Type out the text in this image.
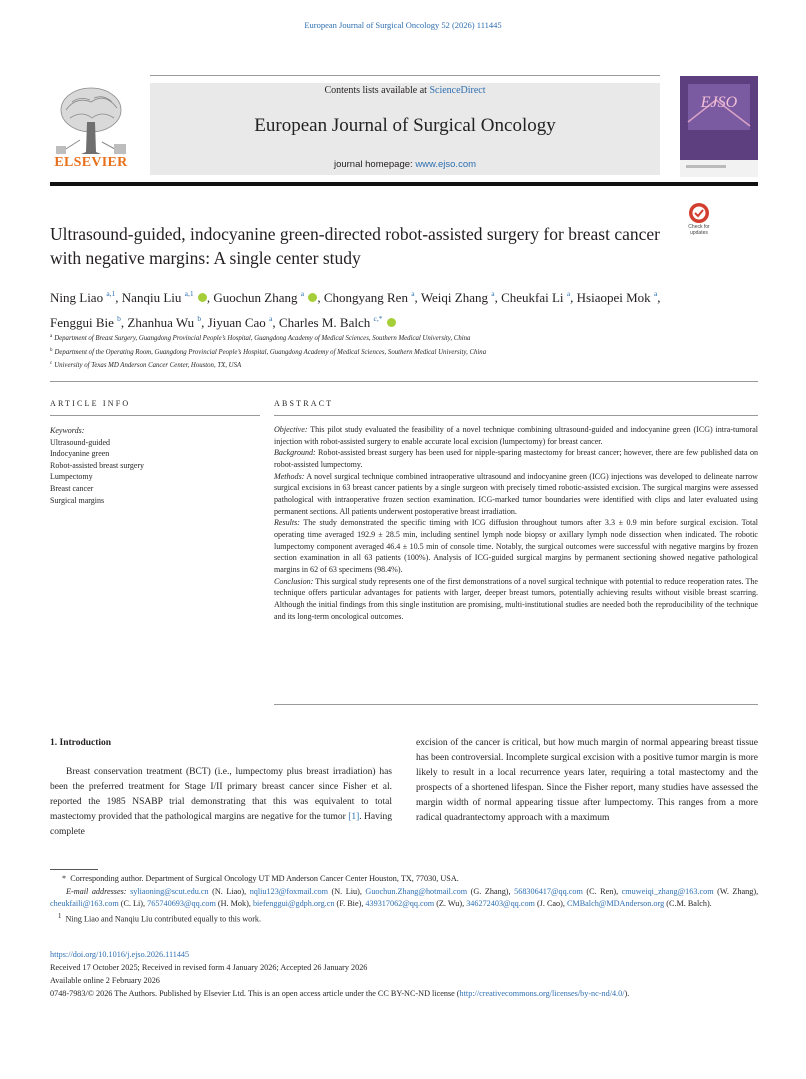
European Journal of Surgical Oncology 52 (2026) 111445
Contents lists available at ScienceDirect
European Journal of Surgical Oncology
journal homepage: www.ejso.com
ELSEVIER
EJSO
Check for updates
Ultrasound-guided, indocyanine green-directed robot-assisted surgery for breast cancer with negative margins: A single center study
Ning Liao $^{a,1}$, Nanqiu Liu $^{a,1}$ , Guochun Zhang $^a$ , Chongyang Ren $^a$, Weiqi Zhang $^a$, Cheukfai Li $^a$, Hsiaopei Mok $^a$, Fenggui Bie $^b$, Zhanhua Wu $^b$, Jiyuan Cao $^a$, Charles M. Balch $^{c,*}$
$^a$ Department of Breast Surgery, Guangdong Provincial People’s Hospital, Guangdong Academy of Medical Sciences, Southern Medical University, China
$^b$ Department of the Operating Room, Guangdong Provincial People’s Hospital, Guangdong Academy of Medical Sciences, Southern Medical University, China
$^c$ University of Texas MD Anderson Cancer Center, Houston, TX, USA
ARTICLE INFO
Keywords:
Ultrasound-guided
Indocyanine green
Robot-assisted breast surgery
Lumpectomy
Breast cancer
Surgical margins
ABSTRACT

Objective: This pilot study evaluated the feasibility of a novel technique combining ultrasound-guided and indocyanine green (ICG) intra-tumoral injection with robot-assisted surgery to enable accurate local excision (lumpectomy) for breast cancer.

Background: Robot-assisted breast surgery has been used for nipple-sparing mastectomy for breast cancer; however, there are few published data on robot-assisted lumpectomy.

Methods: A novel surgical technique combined intraoperative ultrasound and indocyanine green (ICG) injections was developed to delineate narrow surgical excisions in 63 breast cancer patients by a single surgeon with precisely timed robotic-assisted excision. The surgical margins were assessed pathological with intraoperative frozen section examination. ICG-marked tumor boundaries were identified with clips and later evaluated using permanent sections. All patients underwent postoperative breast irradiation.

Results: The study demonstrated the specific timing with ICG diffusion throughout tumors after 3.3 ± 0.9 min before surgical excision. Total operating time averaged 192.9 ± 28.5 min, including sentinel lymph node biopsy or axillary lymph node dissection when indicated. The robotic lumpectomy component averaged 46.4 ± 10.5 min of console time. Notably, the surgical outcomes were successful with negative margins by frozen section examination in all 63 patients (100%). Analysis of ICG-guided surgical margins by permanent sectioning showed negative pathological margins in 62 of 63 specimens (98.4%).

Conclusion: This surgical study represents one of the first demonstrations of a novel surgical technique with potential to reduce reoperation rates. The technique offers particular advantages for patients with larger, deeper breast tumors, potentially achieving results without visible breast scarring. Although the initial findings from this single institution are promising, multi-institutional studies are needed both the reproducibility of the technique and its long-term oncological outcomes.

1. Introduction
Breast conservation treatment (BCT) (i.e., lumpectomy plus breast irradiation) has been the preferred treatment for Stage I/II primary breast cancer since Fisher et al. reported the 1985 NSABP trial demonstrating that this was equivalent to total mastectomy provided that the pathological margins are negative for the tumor [1]. Having complete
excision of the cancer is critical, but how much margin of normal appearing breast tissue has been controversial. Incomplete surgical excision with a positive tumor margin is more likely to result in a local recurrence years later, requiring a total mastectomy and the prospects of a shortened lifespan. Since the Fisher report, many studies have assessed the margin width of normal appearing tissue after lumpectomy. This ranges from a more radical quadrantectomy approach with a maximum

* Corresponding author. Department of Surgical Oncology UT MD Anderson Cancer Center Houston, TX, 77030, USA.

E-mail addresses: syliaoning@scut.edu.cn (N. Liao), nqliu123@foxmail.com (N. Liu), Guochun.Zhang@hotmail.com (G. Zhang), 568306417@qq.com (C. Ren), cmuweiqi_zhang@163.com (W. Zhang), cheukfaili@163.com (C. Li), 765740693@qq.com (H. Mok), biefenggui@gdph.org.cn (F. Bie), 439317062@qq.com (Z. Wu), 346272403@qq.com (J. Cao), CMBalch@MDAnderson.org (C.M. Balch).

$^1$ Ning Liao and Nanqiu Liu contributed equally to this work.

https://doi.org/10.1016/j.ejso.2026.111445

Received 17 October 2025; Received in revised form 4 January 2026; Accepted 26 January 2026

Available online 2 February 2026

0748-7983/© 2026 The Authors. Published by Elsevier Ltd. This is an open access article under the CC BY-NC-ND license (http://creativecommons.org/licenses/by-nc-nd/4.0/).
